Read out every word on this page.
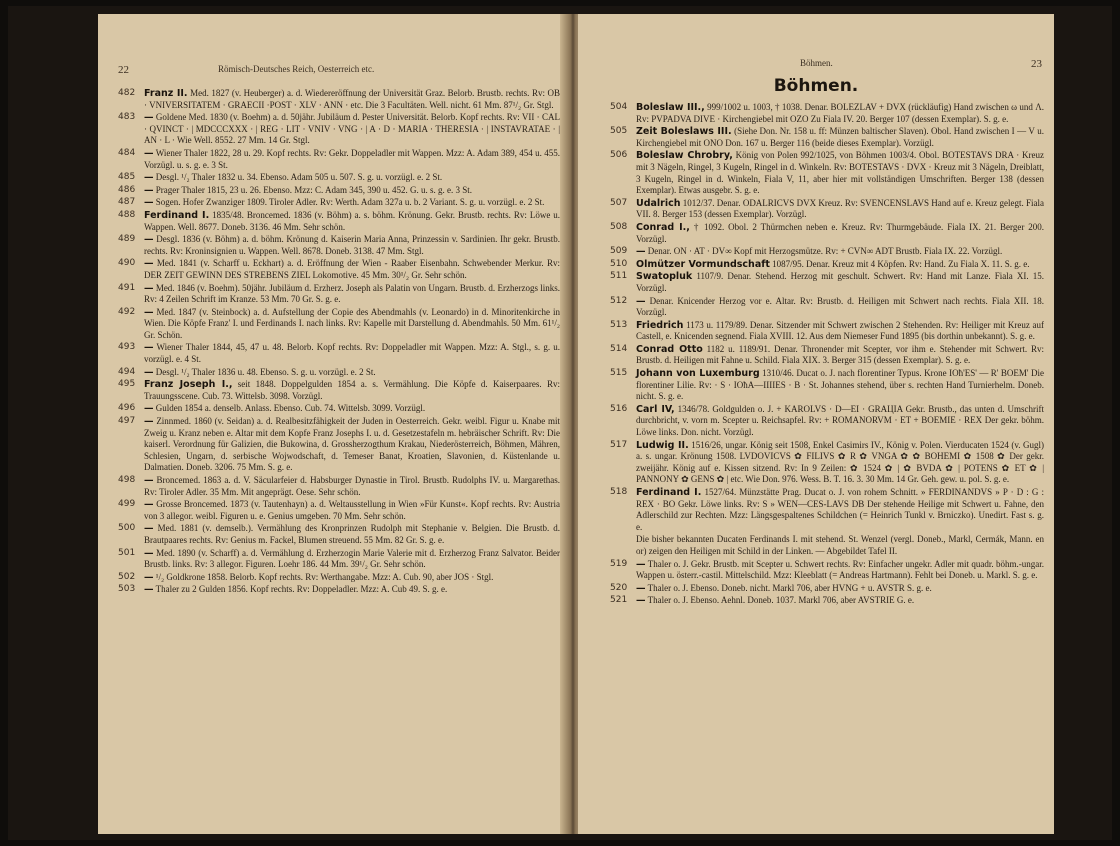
22	Römisch-Deutsches Reich, Oesterreich etc.
482 Franz II. Med. 1827 (v. Heuberger) a. d. Wiedereröffnung der Universität Graz. Belorb. Brustb. rechts. Rv: OB · VNIVERSITATEM · GRAECII ·POST · XLV · ANN · etc. Die 3 Facultäten. Well. nicht. 61 Mm. 87¹/₂ Gr. Stgl.
483 — Goldene Med. 1830 (v. Boehm) a. d. 50jähr. Jubiläum d. Pester Universität. Belorb. Kopf rechts. Rv: VII · CAL · QVINCT · | MDCCCXXX · | REG · LIT · VNIV · VNG · | A · D · MARIA · THERESIA · | INSTAVRATAE · | AN · L · Wie Well. 8552. 27 Mm. 14 Gr. Stgl.
484 — Wiener Thaler 1822, 28 u. 29. Kopf rechts. Rv: Gekr. Doppeladler mit Wappen. Mzz: A. Adam 389, 454 u. 455. Vorzügl. u. s. g. e. 3 St.
485 — Desgl. ¹/₂ Thaler 1832 u. 34. Ebenso. Adam 505 u. 507. S. g. u. vorzügl. e. 2 St.
486 — Prager Thaler 1815, 23 u. 26. Ebenso. Mzz: C. Adam 345, 390 u. 452. G. u. s. g. e. 3 St.
487 — Sogen. Hofer Zwanziger 1809. Tiroler Adler. Rv: Werth. Adam 327a u. b. 2 Variant. S. g. u. vorzügl. e. 2 St.
488 Ferdinand I. 1835/48. Broncemed. 1836 (v. Böhm) a. s. böhm. Krönung. Gekr. Brustb. rechts. Rv: Löwe u. Wappen. Well. 8677. Doneb. 3136. 46 Mm. Sehr schön.
489 — Desgl. 1836 (v. Böhm) a. d. böhm. Krönung d. Kaiserin Maria Anna, Prinzessin v. Sardinien. Ihr gekr. Brustb. rechts. Rv: Kroninsignien u. Wappen. Well. 8678. Doneb. 3138. 47 Mm. Stgl.
490 — Med. 1841 (v. Scharff u. Eckhart) a. d. Eröffnung der Wien - Raaber Eisenbahn. Schwebender Merkur. Rv: DER ZEIT GEWINN DES STREBENS ZIEL Lokomotive. 45 Mm. 30¹/₂ Gr. Sehr schön.
491 — Med. 1846 (v. Boehm). 50jähr. Jubiläum d. Erzherz. Joseph als Palatin von Ungarn. Brustb. d. Erzherzogs links. Rv: 4 Zeilen Schrift im Kranze. 53 Mm. 70 Gr. S. g. e.
492 — Med. 1847 (v. Steinbock) a. d. Aufstellung der Copie des Abendmahls (v. Leonardo) in d. Minoritenkirche in Wien. Die Köpfe Franz' I. und Ferdinands I. nach links. Rv: Kapelle mit Darstellung d. Abendmahls. 50 Mm. 61¹/₂ Gr. Schön.
493 — Wiener Thaler 1844, 45, 47 u. 48. Belorb. Kopf rechts. Rv: Doppeladler mit Wappen. Mzz: A. Stgl., s. g. u. vorzügl. e. 4 St.
494 — Desgl. ¹/₂ Thaler 1836 u. 48. Ebenso. S. g. u. vorzügl. e. 2 St.
495 Franz Joseph I., seit 1848. Doppelgulden 1854 a. s. Vermählung. Die Köpfe d. Kaiserpaares. Rv: Trauungsscene. Cub. 73. Wittelsb. 3098. Vorzügl.
496 — Gulden 1854 a. denselb. Anlass. Ebenso. Cub. 74. Wittelsb. 3099. Vorzügl.
497 — Zinnmed. 1860 (v. Seidan) a. d. Realbesitzfähigkeit der Juden in Oesterreich. Gekr. weibl. Figur u. Knabe mit Zweig u. Kranz neben e. Altar mit dem Kopfe Franz Josephs I. u. d. Gesetzestafeln m. hebräischer Schrift. Rv: Die kaiserl. Verordnung für Galizien, die Bukowina, d. Grossherzogthum Krakau, Niederösterreich, Böhmen, Mähren, Schlesien, Ungarn, d. serbische Wojwodschaft, d. Temeser Banat, Kroatien, Slavonien, d. Küstenlande u. Dalmatien. Doneb. 3206. 75 Mm. S. g. e.
498 — Broncemed. 1863 a. d. V. Säcularfeier d. Habsburger Dynastie in Tirol. Brustb. Rudolphs IV. u. Margarethas. Rv: Tiroler Adler. 35 Mm. Mit angeprägt. Oese. Sehr schön.
499 — Grosse Broncemed. 1873 (v. Tautenhayn) a. d. Weltausstellung in Wien »Für Kunst«. Kopf rechts. Rv: Austria von 3 allegor. weibl. Figuren u. e. Genius umgeben. 70 Mm. Sehr schön.
500 — Med. 1881 (v. demselb.). Vermählung des Kronprinzen Rudolph mit Stephanie v. Belgien. Die Brustb. d. Brautpaares rechts. Rv: Genius m. Fackel, Blumen streuend. 55 Mm. 82 Gr. S. g. e.
501 — Med. 1890 (v. Scharff) a. d. Vermählung d. Erzherzogin Marie Valerie mit d. Erzherzog Franz Salvator. Beider Brustb. links. Rv: 3 allegor. Figuren. Loehr 186. 44 Mm. 39¹/₂ Gr. Sehr schön.
502 — ¹/₂ Goldkrone 1858. Belorb. Kopf rechts. Rv: Werthangabe. Mzz: A. Cub. 90, aber JOS · Stgl.
503 — Thaler zu 2 Gulden 1856. Kopf rechts. Rv: Doppeladler. Mzz: A. Cub 49. S. g. e.
Böhmen.	23
Böhmen.
504 Boleslaw III., 999/1002 u. 1003, † 1038. Denar. BOLEZLAV + DVX (rückläufig) Hand zwischen ω und Λ. Rv: PVPADVA DIVE · Kirchengiebel mit OZO Zu Fiala IV. 20. Berger 107 (dessen Exemplar). S. g. e.
505 Zeit Boleslaws III. (Siehe Don. Nr. 158 u. ff: Münzen baltischer Slaven). Obol. Hand zwischen I — V u. Kirchengiebel mit ONO Don. 167 u. Berger 116 (beide dieses Exemplar). Vorzügl.
506 Boleslaw Chrobry, König von Polen 992/1025, von Böhmen 1003/4. Obol. BOTESTAVS DRA · Kreuz mit 3 Nägeln, Ringel, 3 Kugeln, Ringel in d. Winkeln. Rv: BOTESTAVS · DVX · Kreuz mit 3 Nägeln, Dreiblatt, 3 Kugeln, Ringel in d. Winkeln, Fiala V, 11, aber hier mit vollständigen Umschriften. Berger 138 (dessen Exemplar). Etwas ausgebr. S. g. e.
507 Udalrich 1012/37. Denar. ODALRICVS DVX Kreuz. Rv: SVENCENSLAVS Hand auf e. Kreuz gelegt. Fiala VII. 8. Berger 153 (dessen Exemplar). Vorzügl.
508 Conrad I., † 1092. Obol. 2 Thürmchen neben e. Kreuz. Rv: Thurmgebäude. Fiala IX. 21. Berger 200. Vorzügl.
509 — Denar. ON · AT · DV∞ Kopf mit Herzogsmütze. Rv: + CVN∞ ADT Brustb. Fiala IX. 22. Vorzügl.
510 Olmützer Vormundschaft 1087/95. Denar. Kreuz mit 4 Köpfen. Rv: Hand. Zu Fiala X. 11. S. g. e.
511 Swatopluk 1107/9. Denar. Stehend. Herzog mit geschult. Schwert. Rv: Hand mit Lanze. Fiala XI. 15. Vorzügl.
512 — Denar. Knicender Herzog vor e. Altar. Rv: Brustb. d. Heiligen mit Schwert nach rechts. Fiala XII. 18. Vorzügl.
513 Friedrich 1173 u. 1179/89. Denar. Sitzender mit Schwert zwischen 2 Stehenden. Rv: Heiliger mit Kreuz auf Castell, e. Knicenden segnend. Fiala XVIII. 12. Aus dem Niemeser Fund 1895 (bis dorthin unbekannt). S. g. e.
514 Conrad Otto 1182 u. 1189/91. Denar. Thronender mit Scepter, vor ihm e. Stehender mit Schwert. Rv: Brustb. d. Heiligen mit Fahne u. Schild. Fiala XIX. 3. Berger 315 (dessen Exemplar). S. g. e.
515 Johann von Luxemburg 1310/46. Ducat o. J. nach florentiner Typus. Krone IOħ'ES' — R' BOEM' Die florentiner Lilie. Rv: · S · IOħA—IIIIES · B · St. Johannes stehend, über s. rechten Hand Turnierhelm. Doneb. nicht. S. g. e.
516 Carl IV, 1346/78. Goldgulden o. J. + KAROLVS · D—EI · GRAЦIA Gekr. Brustb., das unten d. Umschrift durchbricht, v. vorn m. Scepter u. Reichsapfel. Rv: + ROMANORVM · ET + BOEMIE · REX Der gekr. böhm. Löwe links. Don. nicht. Vorzügl.
517 Ludwig II. 1516/26, ungar. König seit 1508, Enkel Casimirs IV., König v. Polen. Vierducaten 1524 (v. Gugl) a. s. ungar. Krönung 1508. LVDOVICVS ✿ FILIVS ✿ R ✿ VNGA ✿ ✿ BOHEMI ✿ 1508 ✿ Der gekr. zweijähr. König auf e. Kissen sitzend. Rv: In 9 Zeilen: ✿ 1524 ✿ | ✿ BVDA ✿ | POTENS ✿ ET ✿ | PANNONY ✿ GENS ✿ | etc. Wie Don. 976. Wess. B. T. 16. 3. 30 Mm. 14 Gr. Geh. gew. u. pol. S. g. e.
518 Ferdinand I. 1527/64. Münzstätte Prag. Ducat o. J. von rohem Schnitt. » FERDINANDVS » P · D : G : REX · BO Gekr. Löwe links. Rv: S » WEN—CES-LAVS DB Der stehende Heilige mit Schwert u. Fahne, den Adlerschild zur Rechten. Mzz: Längsgespaltenes Schildchen (= Heinrich Tunkl v. Brniczko). Unedirt. Fast s. g. e.
Die bisher bekannten Ducaten Ferdinands I. mit stehend. St. Wenzel (vergl. Doneb., Markl, Cermák, Mann. en or) zeigen den Heiligen mit Schild in der Linken. — Abgebildet Tafel II.
519 — Thaler o. J. Gekr. Brustb. mit Scepter u. Schwert rechts. Rv: Einfacher ungekr. Adler mit quadr. böhm.-ungar. Wappen u. österr.-castil. Mittelschild. Mzz: Kleeblatt (= Andreas Hartmann). Fehlt bei Doneb. u. Markl. S. g. e.
520 — Thaler o. J. Ebenso. Doneb. nicht. Markl 706, aber HVNG + u. AVSTR S. g. e.
521 — Thaler o. J. Ebenso. Aehnl. Doneb. 1037. Markl 706, aber AVSTRIE G. e.
